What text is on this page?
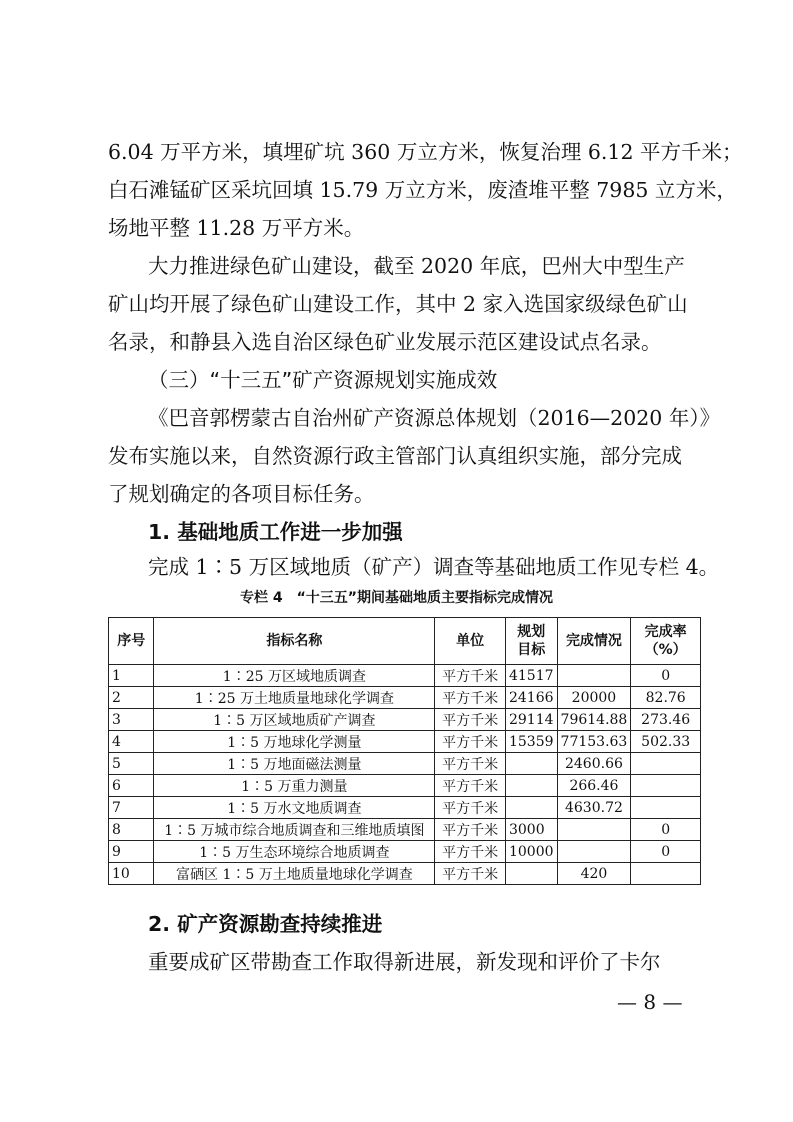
6.04 万平方米，填埋矿坑 360 万立方米，恢复治理 6.12 平方千米；
白石滩锰矿区采坑回填 15.79 万立方米，废渣堆平整 7985 立方米，
场地平整 11.28 万平方米。
大力推进绿色矿山建设，截至 2020 年底，巴州大中型生产
矿山均开展了绿色矿山建设工作，其中 2 家入选国家级绿色矿山
名录，和静县入选自治区绿色矿业发展示范区建设试点名录。
（三）“十三五”矿产资源规划实施成效
《巴音郭楞蒙古自治州矿产资源总体规划（2016—2020 年）》
发布实施以来，自然资源行政主管部门认真组织实施，部分完成
了规划确定的各项目标任务。
1. 基础地质工作进一步加强
完成 1∶5 万区域地质（矿产）调查等基础地质工作见专栏 4。
专栏 4　“十三五”期间基础地质主要指标完成情况
序号	指标名称	单位	规划
目标	完成情况	完成率
（%）
1	1∶25 万区域地质调查	平方千米	41517		0
2	1∶25 万土地质量地球化学调查	平方千米	24166	20000	82.76
3	1∶5 万区域地质矿产调查	平方千米	29114	79614.88	273.46
4	1∶5 万地球化学测量	平方千米	15359	77153.63	502.33
5	1∶5 万地面磁法测量	平方千米		2460.66	
6	1∶5 万重力测量	平方千米		266.46	
7	1∶5 万水文地质调查	平方千米		4630.72	
8	1∶5 万城市综合地质调查和三维地质填图	平方千米	3000		0
9	1∶5 万生态环境综合地质调查	平方千米	10000		0
10	富硒区 1∶5 万土地质量地球化学调查	平方千米		420	
2. 矿产资源勘查持续推进
重要成矿区带勘查工作取得新进展，新发现和评价了卡尔
— 8 —
